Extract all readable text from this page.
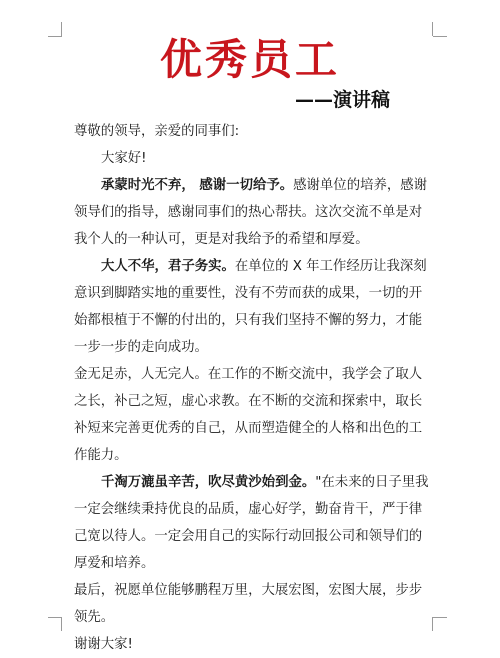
优秀员工
——演讲稿

尊敬的领导，亲爱的同事们:

大家好!

承蒙时光不弃， 感谢一切给予。感谢单位的培养，感谢领导们的指导，感谢同事们的热心帮扶。这次交流不单是对我个人的一种认可，更是对我给予的希望和厚爱。

大人不华，君子务实。在单位的 X 年工作经历让我深刻意识到脚踏实地的重要性，没有不劳而获的成果，一切的开始都根植于不懈的付出的，只有我们坚持不懈的努力，才能一步一步的走向成功。

金无足赤，人无完人。在工作的不断交流中，我学会了取人之长，补己之短，虚心求教。在不断的交流和探索中，取长补短来完善更优秀的自己，从而塑造健全的人格和出色的工作能力。

千淘万漉虽辛苦，吹尽黄沙始到金。"在未来的日子里我一定会继续秉持优良的品质，虚心好学，勤奋肯干，严于律己宽以待人。一定会用自己的实际行动回报公司和领导们的厚爱和培养。

最后，祝愿单位能够鹏程万里，大展宏图，宏图大展，步步领先。

谢谢大家!
